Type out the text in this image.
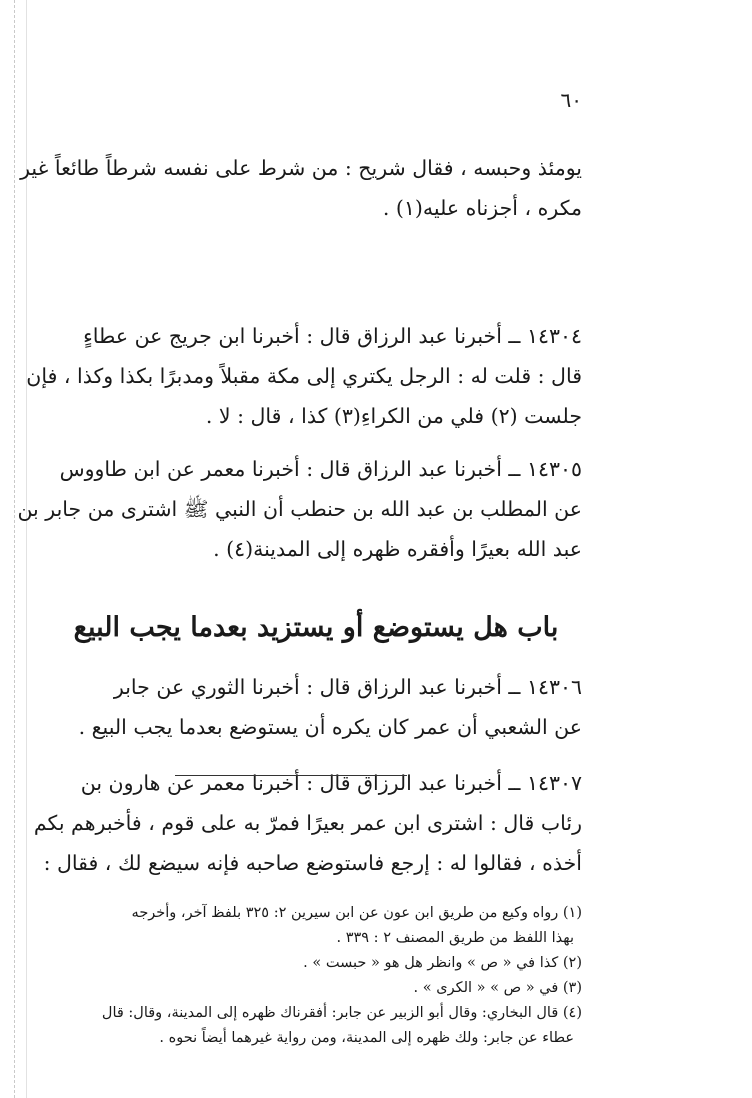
٦٠

يومئذ وحبسه ، فقال شريح : من شرط على نفسه شرطاً طائعاً غير
مكره ، أجزناه عليه(١) .

١٤٣٠٤ ــ أخبرنا عبد الرزاق قال : أخبرنا ابن جريج عن عطاءٍ
قال : قلت له : الرجل يكتري إلى مكة مقبلاً ومدبرًا بكذا وكذا ، فإن
جلست (٢) فلي من الكراءِ(٣) كذا ، قال : لا .

١٤٣٠٥ ــ أخبرنا عبد الرزاق قال : أخبرنا معمر عن ابن طاووس
عن المطلب بن عبد الله بن حنطب أن النبي ﷺ اشترى من جابر بن
عبد الله بعيرًا وأفقره ظهره إلى المدينة(٤) .

باب هل يستوضع أو يستزيد بعدما يجب البيع

١٤٣٠٦ ــ أخبرنا عبد الرزاق قال : أخبرنا الثوري عن جابر
عن الشعبي أن عمر كان يكره أن يستوضع بعدما يجب البيع .

١٤٣٠٧ ــ أخبرنا عبد الرزاق قال : أخبرنا معمر عن هارون بن
رئاب قال : اشترى ابن عمر بعيرًا فمرّ به على قوم ، فأخبرهم بكم
أخذه ، فقالوا له : إرجع فاستوضع صاحبه فإنه سيضع لك ، فقال :

(١) رواه وكيع من طريق ابن عون عن ابن سيرين ٢: ٣٢٥ بلفظ آخر، وأخرجه
بهذا اللفظ من طريق المصنف ٢ : ٣٣٩ .
(٢) كذا في « ص » وانظر هل هو « حبست » .
(٣) في « ص » « الكرى » .
(٤) قال البخاري: وقال أبو الزبير عن جابر: أفقرناك ظهره إلى المدينة، وقال: قال
عطاء عن جابر: ولك ظهره إلى المدينة، ومن رواية غيرهما أيضاً نحوه .
